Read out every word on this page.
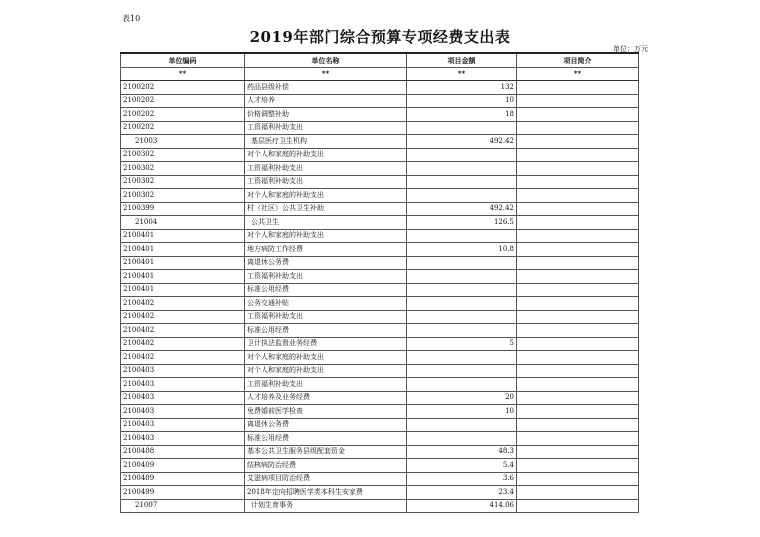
表10
2019年部门综合预算专项经费支出表
单位：万元
单位编码	单位名称	项目金额	项目简介
**	**	**	**
2100202	药品县级补偿	132	
2100202	人才培养	10	
2100202	价格调整补助	18	
2100202	工资福利补助支出		
21003	基层医疗卫生机构	492.42	
2100302	对个人和家庭的补助支出		
2100302	工资福利补助支出		
2100302	工资福利补助支出		
2100302	对个人和家庭的补助支出		
2100399	村（社区）公共卫生补助	492.42	
21004	公共卫生	126.5	
2100401	对个人和家庭的补助支出		
2100401	地方病防工作经费	10.8	
2100401	离退休公务费		
2100401	工资福利补助支出		
2100401	标准公用经费		
2100402	公务交通补贴		
2100402	工资福利补助支出		
2100402	标准公用经费		
2100402	卫计执法监督业务经费	5	
2100402	对个人和家庭的补助支出		
2100403	对个人和家庭的补助支出		
2100403	工资福利补助支出		
2100403	人才培养及业务经费	20	
2100403	免费婚前医学检查	10	
2100403	离退休公务费		
2100403	标准公用经费		
2100408	基本公共卫生服务县级配套资金	48.3	
2100409	结核病防治经费	5.4	
2100409	艾滋病项目防治经费	3.6	
2100499	2018年定向招聘医学类本科生安家费	23.4	
21007	计划生育事务	414.06	
